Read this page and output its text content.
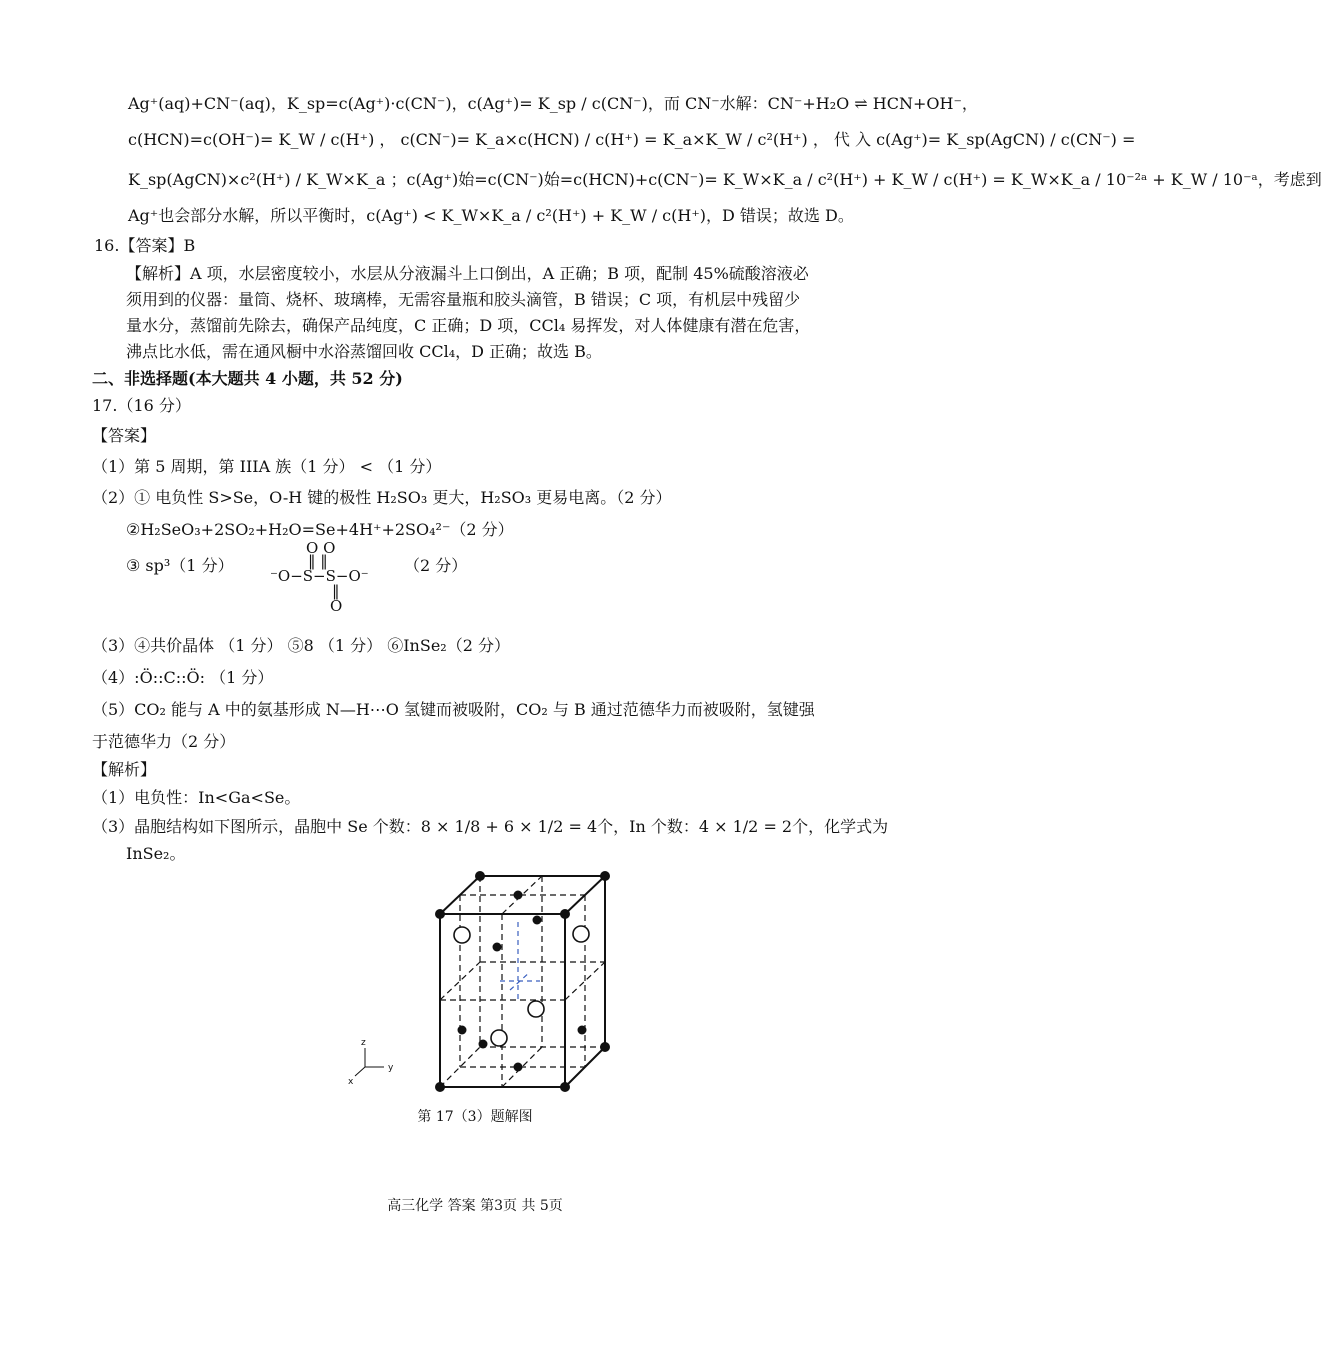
Ag⁺(aq)+CN⁻(aq)，K_sp=c(Ag⁺)·c(CN⁻)，c(Ag⁺)= K_sp / c(CN⁻)，而 CN⁻水解：CN⁻+H₂O ⇌ HCN+OH⁻，
c(HCN)=c(OH⁻)= K_W / c(H⁺) ， c(CN⁻)= K_a×c(HCN) / c(H⁺) = K_a×K_W / c²(H⁺) ， 代 入 c(Ag⁺)= K_sp(AgCN) / c(CN⁻) =
K_sp(AgCN)×c²(H⁺) / K_W×K_a ；c(Ag⁺)始=c(CN⁻)始=c(HCN)+c(CN⁻)= K_W×K_a / c²(H⁺) + K_W / c(H⁺) = K_W×K_a / 10⁻²ᵃ + K_W / 10⁻ᵃ，考虑到
Ag⁺也会部分水解，所以平衡时，c(Ag⁺) < K_W×K_a / c²(H⁺) + K_W / c(H⁺)，D 错误；故选 D。
16.【答案】B
【解析】A 项，水层密度较小，水层从分液漏斗上口倒出，A 正确；B 项，配制 45%硫酸溶液必
须用到的仪器：量筒、烧杯、玻璃棒，无需容量瓶和胶头滴管，B 错误；C 项，有机层中残留少
量水分，蒸馏前先除去，确保产品纯度，C 正确；D 项，CCl₄ 易挥发，对人体健康有潜在危害，
沸点比水低，需在通风橱中水浴蒸馏回收 CCl₄，D 正确；故选 B。
二、非选择题(本大题共 4 小题，共 52 分)
17.（16 分）
【答案】
（1）第 5 周期，第 IIIA 族（1 分） < （1 分）
（2）① 电负性 S>Se，O-H 键的极性 H₂SO₃ 更大，H₂SO₃ 更易电离。（2 分）
②H₂SeO₃+2SO₂+H₂O=Se+4H⁺+2SO₄²⁻（2 分）
③ sp³（1 分）	（2 分）
O O
‖ ‖
⁻O−S−S−O⁻
‖
O
（3）④共价晶体 （1 分） ⑤8 （1 分） ⑥InSe₂（2 分）
（4）:Ö::C::Ö: （1 分）
（5）CO₂ 能与 A 中的氨基形成 N—H⋯O 氢键而被吸附，CO₂ 与 B 通过范德华力而被吸附，氢键强
于范德华力（2 分）
【解析】
（1）电负性：In<Ga<Se。
（3）晶胞结构如下图所示，晶胞中 Se 个数：8 × 1/8 + 6 × 1/2 = 4个，In 个数：4 × 1/2 = 2个，化学式为
InSe₂。
z
y
x
第 17（3）题解图
高三化学 答案 第3页 共 5页
